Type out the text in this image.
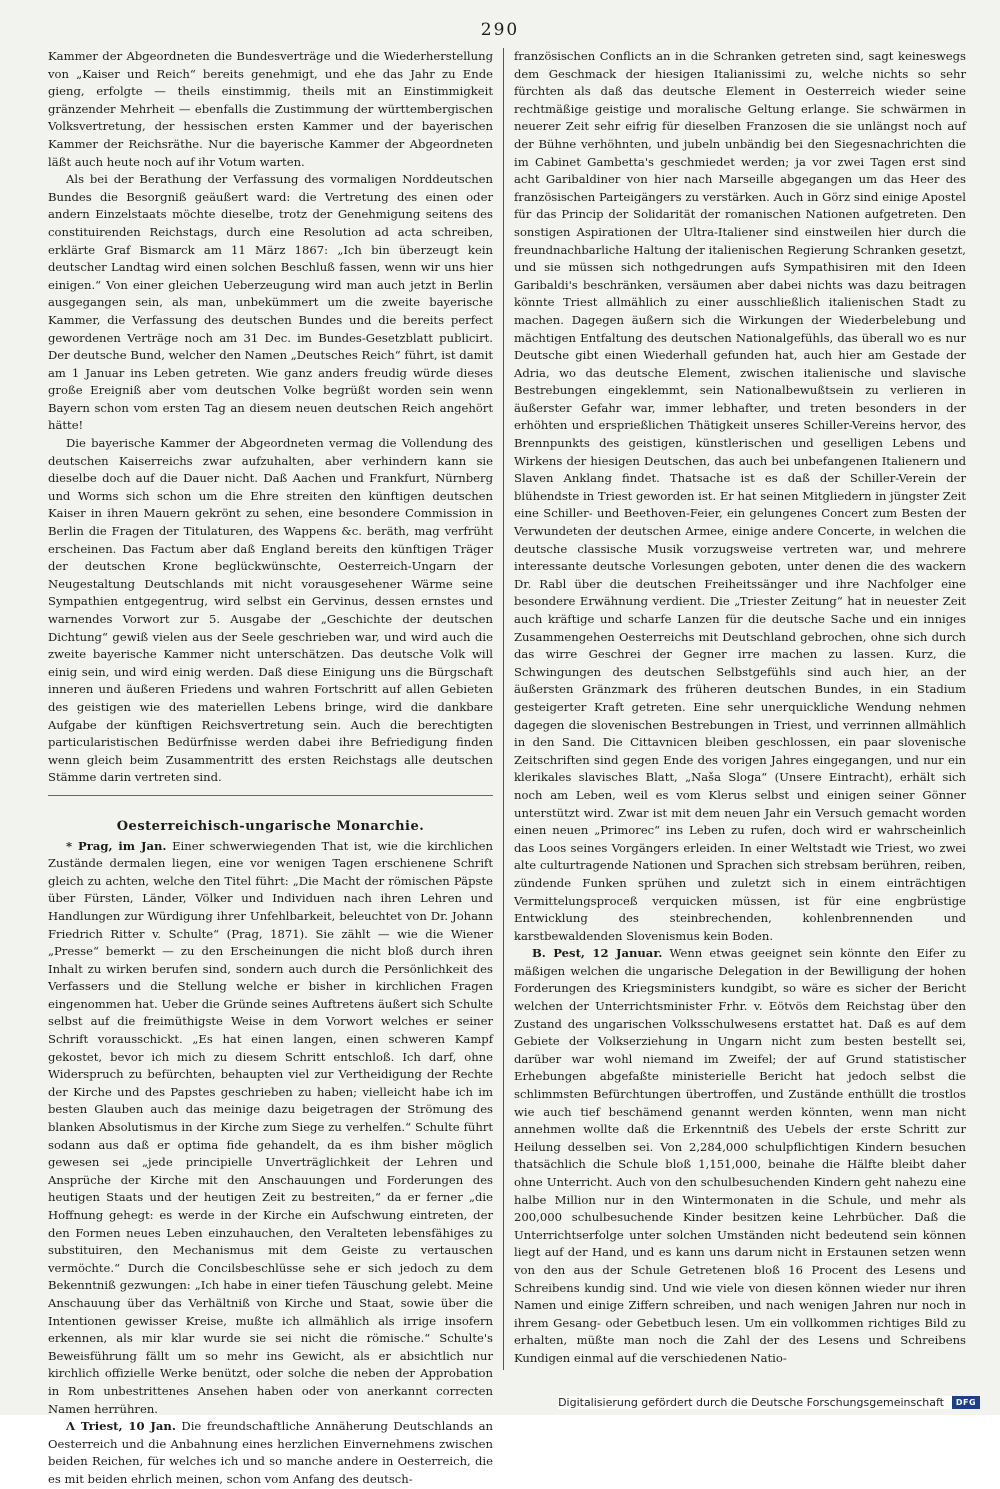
290

Kammer der Abgeordneten die Bundesverträge und die Wiederherstellung von „Kaiser und Reich“ bereits genehmigt, und ehe das Jahr zu Ende gieng, erfolgte — theils einstimmig, theils mit an Einstimmigkeit gränzender Mehrheit — ebenfalls die Zustimmung der württembergischen Volksvertretung, der hessischen ersten Kammer und der bayerischen Kammer der Reichsräthe. Nur die bayerische Kammer der Abgeordneten läßt auch heute noch auf ihr Votum warten.

Als bei der Berathung der Verfassung des vormaligen Norddeutschen Bundes die Besorgniß geäußert ward: die Vertretung des einen oder andern Einzelstaats möchte dieselbe, trotz der Genehmigung seitens des constituirenden Reichstags, durch eine Resolution ad acta schreiben, erklärte Graf Bismarck am 11 März 1867: „Ich bin überzeugt kein deutscher Landtag wird einen solchen Beschluß fassen, wenn wir uns hier einigen.“ Von einer gleichen Ueberzeugung wird man auch jetzt in Berlin ausgegangen sein, als man, unbekümmert um die zweite bayerische Kammer, die Verfassung des deutschen Bundes und die bereits perfect gewordenen Verträge noch am 31 Dec. im Bundes-Gesetzblatt publicirt. Der deutsche Bund, welcher den Namen „Deutsches Reich“ führt, ist damit am 1 Januar ins Leben getreten. Wie ganz anders freudig würde dieses große Ereigniß aber vom deutschen Volke begrüßt worden sein wenn Bayern schon vom ersten Tag an diesem neuen deutschen Reich angehört hätte!

Die bayerische Kammer der Abgeordneten vermag die Vollendung des deutschen Kaiserreichs zwar aufzuhalten, aber verhindern kann sie dieselbe doch auf die Dauer nicht. Daß Aachen und Frankfurt, Nürnberg und Worms sich schon um die Ehre streiten den künftigen deutschen Kaiser in ihren Mauern gekrönt zu sehen, eine besondere Commission in Berlin die Fragen der Titulaturen, des Wappens &c. beräth, mag verfrüht erscheinen. Das Factum aber daß England bereits den künftigen Träger der deutschen Krone beglückwünschte, Oesterreich-Ungarn der Neugestaltung Deutschlands mit nicht vorausgesehener Wärme seine Sympathien entgegentrug, wird selbst ein Gervinus, dessen ernstes und warnendes Vorwort zur 5. Ausgabe der „Geschichte der deutschen Dichtung“ gewiß vielen aus der Seele geschrieben war, und wird auch die zweite bayerische Kammer nicht unterschätzen. Das deutsche Volk will einig sein, und wird einig werden. Daß diese Einigung uns die Bürgschaft inneren und äußeren Friedens und wahren Fortschritt auf allen Gebieten des geistigen wie des materiellen Lebens bringe, wird die dankbare Aufgabe der künftigen Reichsvertretung sein. Auch die berechtigten particularistischen Bedürfnisse werden dabei ihre Befriedigung finden wenn gleich beim Zusammentritt des ersten Reichstags alle deutschen Stämme darin vertreten sind.

Oesterreichisch-ungarische Monarchie.

* Prag, im Jan. Einer schwerwiegenden That ist, wie die kirchlichen Zustände dermalen liegen, eine vor wenigen Tagen erschienene Schrift gleich zu achten, welche den Titel führt: „Die Macht der römischen Päpste über Fürsten, Länder, Völker und Individuen nach ihren Lehren und Handlungen zur Würdigung ihrer Unfehlbarkeit, beleuchtet von Dr. Johann Friedrich Ritter v. Schulte“ (Prag, 1871). Sie zählt — wie die Wiener „Presse“ bemerkt — zu den Erscheinungen die nicht bloß durch ihren Inhalt zu wirken berufen sind, sondern auch durch die Persönlichkeit des Verfassers und die Stellung welche er bisher in kirchlichen Fragen eingenommen hat. Ueber die Gründe seines Auftretens äußert sich Schulte selbst auf die freimüthigste Weise in dem Vorwort welches er seiner Schrift vorausschickt. „Es hat einen langen, einen schweren Kampf gekostet, bevor ich mich zu diesem Schritt entschloß. Ich darf, ohne Widerspruch zu befürchten, behaupten viel zur Vertheidigung der Rechte der Kirche und des Papstes geschrieben zu haben; vielleicht habe ich im besten Glauben auch das meinige dazu beigetragen der Strömung des blanken Absolutismus in der Kirche zum Siege zu verhelfen.“ Schulte führt sodann aus daß er optima fide gehandelt, da es ihm bisher möglich gewesen sei „jede principielle Unverträglichkeit der Lehren und Ansprüche der Kirche mit den Anschauungen und Forderungen des heutigen Staats und der heutigen Zeit zu bestreiten,“ da er ferner „die Hoffnung gehegt: es werde in der Kirche ein Aufschwung eintreten, der den Formen neues Leben einzuhauchen, den Veralteten lebensfähiges zu substituiren, den Mechanismus mit dem Geiste zu vertauschen vermöchte.“ Durch die Concilsbeschlüsse sehe er sich jedoch zu dem Bekenntniß gezwungen: „Ich habe in einer tiefen Täuschung gelebt. Meine Anschauung über das Verhältniß von Kirche und Staat, sowie über die Intentionen gewisser Kreise, mußte ich allmählich als irrige insofern erkennen, als mir klar wurde sie sei nicht die römische.“ Schulte's Beweisführung fällt um so mehr ins Gewicht, als er absichtlich nur kirchlich offizielle Werke benützt, oder solche die neben der Approbation in Rom unbestrittenes Ansehen haben oder von anerkannt correcten Namen herrühren.

Λ Triest, 10 Jan. Die freundschaftliche Annäherung Deutschlands an Oesterreich und die Anbahnung eines herzlichen Einvernehmens zwischen beiden Reichen, für welches ich und so manche andere in Oesterreich, die es mit beiden ehrlich meinen, schon vom Anfang des deutsch-

französischen Conflicts an in die Schranken getreten sind, sagt keineswegs dem Geschmack der hiesigen Italianissimi zu, welche nichts so sehr fürchten als daß das deutsche Element in Oesterreich wieder seine rechtmäßige geistige und moralische Geltung erlange. Sie schwärmen in neuerer Zeit sehr eifrig für dieselben Franzosen die sie unlängst noch auf der Bühne verhöhnten, und jubeln unbändig bei den Siegesnachrichten die im Cabinet Gambetta's geschmiedet werden; ja vor zwei Tagen erst sind acht Garibaldiner von hier nach Marseille abgegangen um das Heer des französischen Parteigängers zu verstärken. Auch in Görz sind einige Apostel für das Princip der Solidarität der romanischen Nationen aufgetreten. Den sonstigen Aspirationen der Ultra-Italiener sind einstweilen hier durch die freundnachbarliche Haltung der italienischen Regierung Schranken gesetzt, und sie müssen sich nothgedrungen aufs Sympathisiren mit den Ideen Garibaldi's beschränken, versäumen aber dabei nichts was dazu beitragen könnte Triest allmählich zu einer ausschließlich italienischen Stadt zu machen. Dagegen äußern sich die Wirkungen der Wiederbelebung und mächtigen Entfaltung des deutschen Nationalgefühls, das überall wo es nur Deutsche gibt einen Wiederhall gefunden hat, auch hier am Gestade der Adria, wo das deutsche Element, zwischen italienische und slavische Bestrebungen eingeklemmt, sein Nationalbewußtsein zu verlieren in äußerster Gefahr war, immer lebhafter, und treten besonders in der erhöhten und ersprießlichen Thätigkeit unseres Schiller-Vereins hervor, des Brennpunkts des geistigen, künstlerischen und geselligen Lebens und Wirkens der hiesigen Deutschen, das auch bei unbefangenen Italienern und Slaven Anklang findet. Thatsache ist es daß der Schiller-Verein der blühendste in Triest geworden ist. Er hat seinen Mitgliedern in jüngster Zeit eine Schiller- und Beethoven-Feier, ein gelungenes Concert zum Besten der Verwundeten der deutschen Armee, einige andere Concerte, in welchen die deutsche classische Musik vorzugsweise vertreten war, und mehrere interessante deutsche Vorlesungen geboten, unter denen die des wackern Dr. Rabl über die deutschen Freiheitssänger und ihre Nachfolger eine besondere Erwähnung verdient. Die „Triester Zeitung“ hat in neuester Zeit auch kräftige und scharfe Lanzen für die deutsche Sache und ein inniges Zusammengehen Oesterreichs mit Deutschland gebrochen, ohne sich durch das wirre Geschrei der Gegner irre machen zu lassen. Kurz, die Schwingungen des deutschen Selbstgefühls sind auch hier, an der äußersten Gränzmark des früheren deutschen Bundes, in ein Stadium gesteigerter Kraft getreten. Eine sehr unerquickliche Wendung nehmen dagegen die slovenischen Bestrebungen in Triest, und verrinnen allmählich in den Sand. Die Cittavnicen bleiben geschlossen, ein paar slovenische Zeitschriften sind gegen Ende des vorigen Jahres eingegangen, und nur ein klerikales slavisches Blatt, „Naša Sloga“ (Unsere Eintracht), erhält sich noch am Leben, weil es vom Klerus selbst und einigen seiner Gönner unterstützt wird. Zwar ist mit dem neuen Jahr ein Versuch gemacht worden einen neuen „Primorec“ ins Leben zu rufen, doch wird er wahrscheinlich das Loos seines Vorgängers erleiden. In einer Weltstadt wie Triest, wo zwei alte culturtragende Nationen und Sprachen sich strebsam berühren, reiben, zündende Funken sprühen und zuletzt sich in einem einträchtigen Vermittelungsproceß verquicken müssen, ist für eine engbrüstige Entwicklung des steinbrechenden, kohlenbrennenden und karstbewaldenden Slovenismus kein Boden.

B. Pest, 12 Januar. Wenn etwas geeignet sein könnte den Eifer zu mäßigen welchen die ungarische Delegation in der Bewilligung der hohen Forderungen des Kriegsministers kundgibt, so wäre es sicher der Bericht welchen der Unterrichtsminister Frhr. v. Eötvös dem Reichstag über den Zustand des ungarischen Volksschulwesens erstattet hat. Daß es auf dem Gebiete der Volkserziehung in Ungarn nicht zum besten bestellt sei, darüber war wohl niemand im Zweifel; der auf Grund statistischer Erhebungen abgefaßte ministerielle Bericht hat jedoch selbst die schlimmsten Befürchtungen übertroffen, und Zustände enthüllt die trostlos wie auch tief beschämend genannt werden könnten, wenn man nicht annehmen wollte daß die Erkenntniß des Uebels der erste Schritt zur Heilung desselben sei. Von 2,284,000 schulpflichtigen Kindern besuchen thatsächlich die Schule bloß 1,151,000, beinahe die Hälfte bleibt daher ohne Unterricht. Auch von den schulbesuchenden Kindern geht nahezu eine halbe Million nur in den Wintermonaten in die Schule, und mehr als 200,000 schulbesuchende Kinder besitzen keine Lehrbücher. Daß die Unterrichtserfolge unter solchen Umständen nicht bedeutend sein können liegt auf der Hand, und es kann uns darum nicht in Erstaunen setzen wenn von den aus der Schule Getretenen bloß 16 Procent des Lesens und Schreibens kundig sind. Und wie viele von diesen können wieder nur ihren Namen und einige Ziffern schreiben, und nach wenigen Jahren nur noch in ihrem Gesang- oder Gebetbuch lesen. Um ein vollkommen richtiges Bild zu erhalten, müßte man noch die Zahl der des Lesens und Schreibens Kundigen einmal auf die verschiedenen Natio-

Digitalisierung gefördert durch die Deutsche Forschungsgemeinschaft	DFG
